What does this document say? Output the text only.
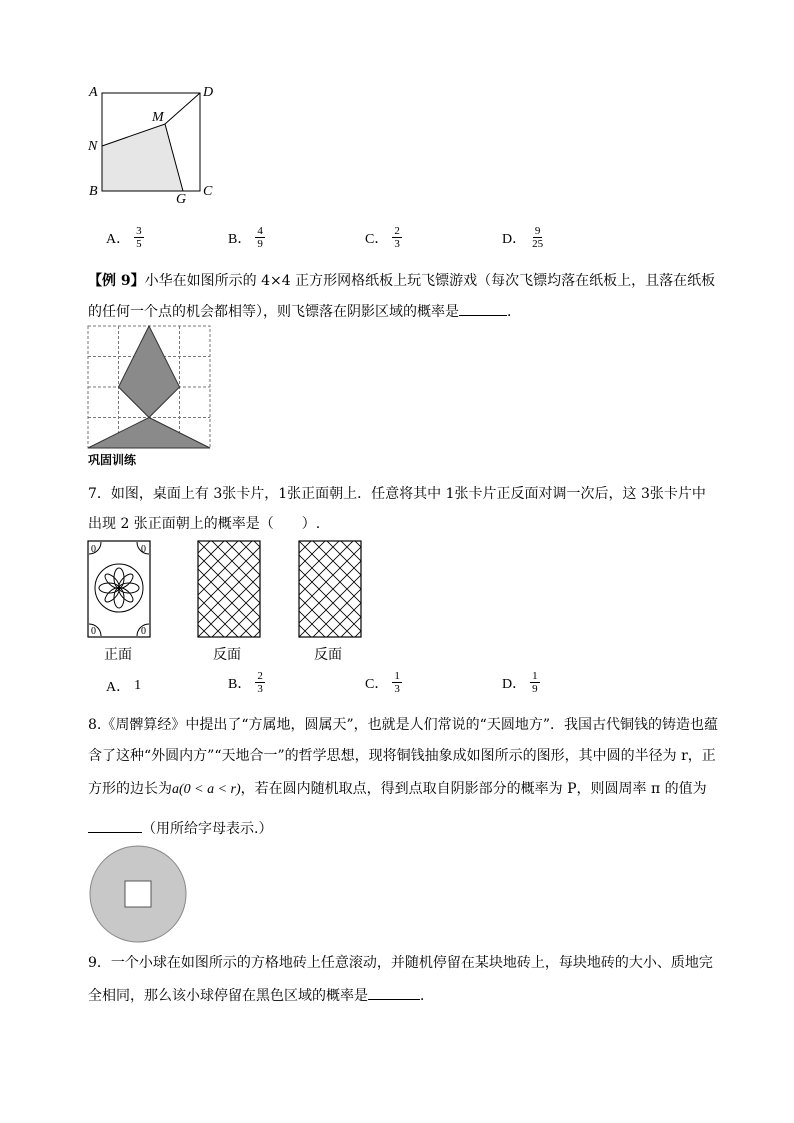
A	D
M
N
B
G
C
A． $\frac{3}{5}$	B． $\frac{4}{9}$	C． $\frac{2}{3}$	D． $\frac{9}{25}$
【例 9】小华在如图所示的 4×4 正方形网格纸板上玩飞镖游戏（每次飞镖均落在纸板上，且落在纸板
的任何一个点的机会都相等），则飞镖落在阴影区域的概率是	．
巩固训练
7．如图，桌面上有 3张卡片，1张正面朝上．任意将其中 1张卡片正反面对调一次后，这 3张卡片中
出现 2 张正面朝上的概率是（　　）.
0	0
0	0
正面	反面	反面
A． 1	B． $\frac{2}{3}$	C． $\frac{1}{3}$	D． $\frac{1}{9}$
8.《周髀算经》中提出了“方属地，圆属天”，也就是人们常说的“天圆地方”．我国古代铜钱的铸造也蕴
含了这种“外圆内方”“天地合一”的哲学思想，现将铜钱抽象成如图所示的图形，其中圆的半径为 r，正
方形的边长为a(0 < a < r)，若在圆内随机取点，得到点取自阴影部分的概率为 P，则圆周率 π 的值为
（用所给字母表示.）
9．一个小球在如图所示的方格地砖上任意滚动，并随机停留在某块地砖上，每块地砖的大小、质地完
全相同，那么该小球停留在黑色区域的概率是	．
